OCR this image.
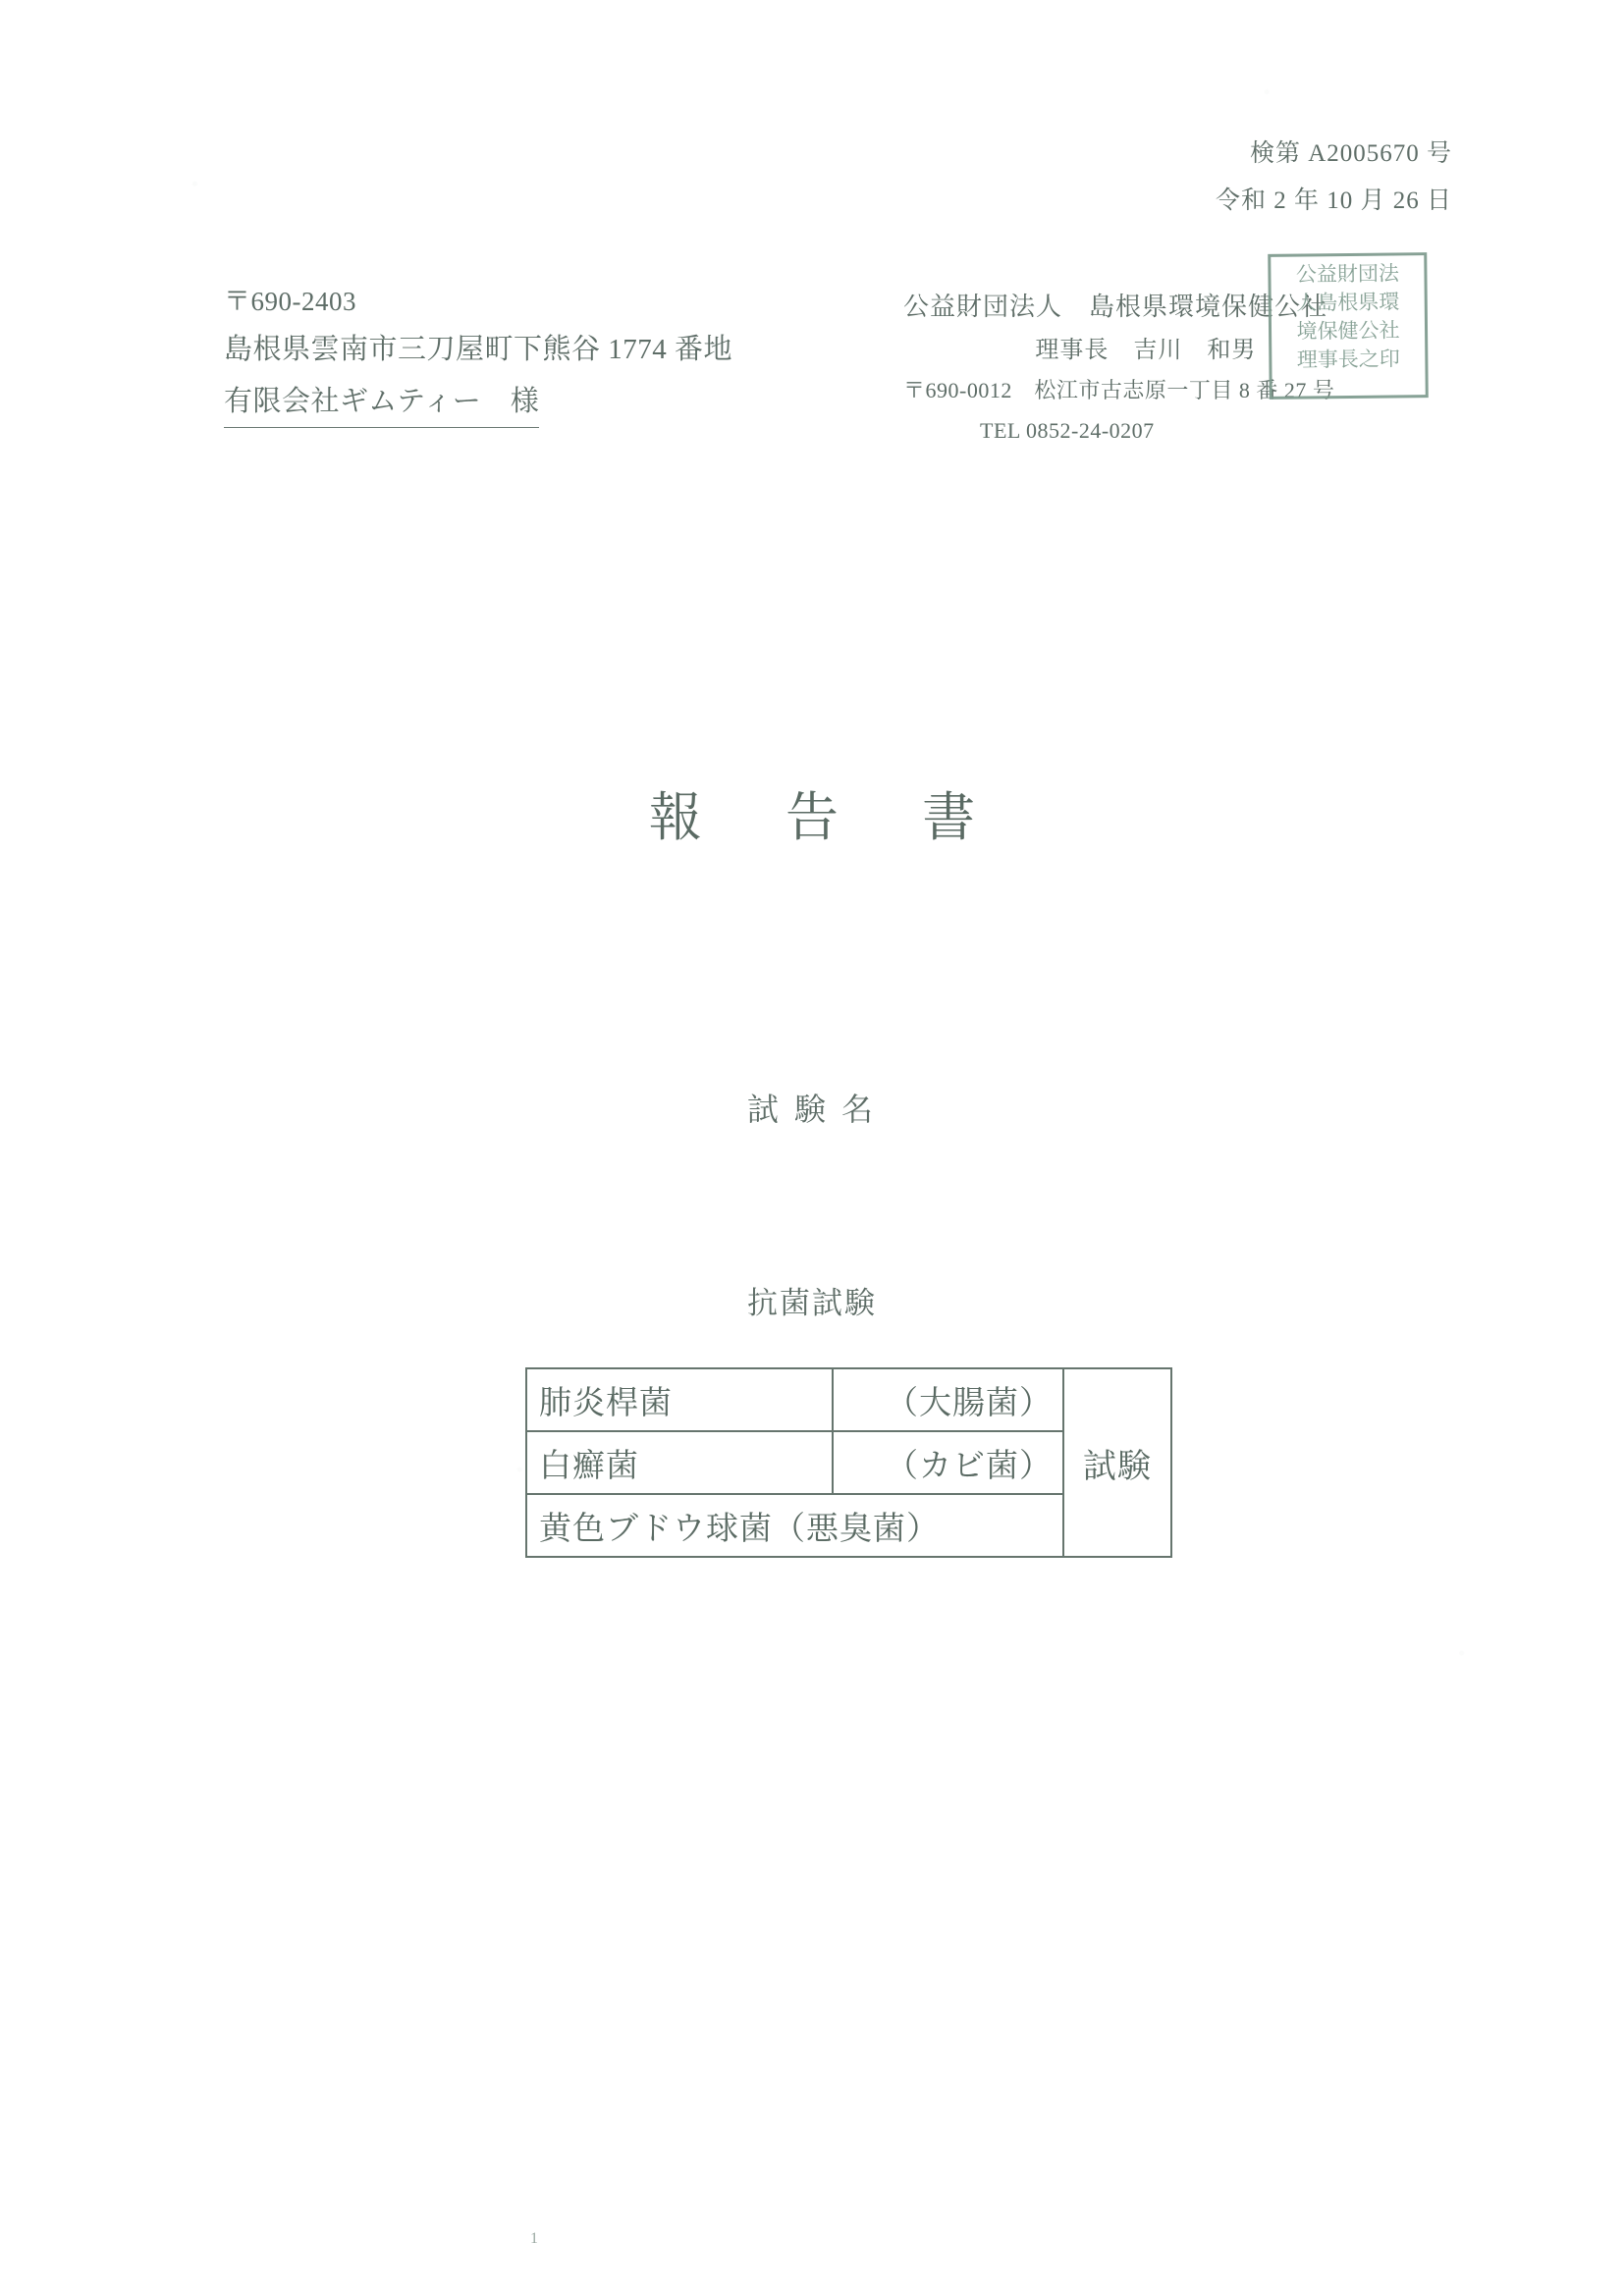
検第 A2005670 号
令和 2 年 10 月 26 日
〒690-2403
島根県雲南市三刀屋町下熊谷 1774 番地
有限会社ギムティー　様
公益財団法人　島根県環境保健公社
理事長　吉川　和男
〒690-0012　松江市古志原一丁目 8 番 27 号
TEL 0852-24-0207
公益財団法
人島根県環
境保健公社
理事長之印
報 告 書
試 験 名
抗菌試験
肺炎桿菌	（大腸菌）	試験
白癬菌	（カビ菌）	
黄色ブドウ球菌（悪臭菌）		
1
